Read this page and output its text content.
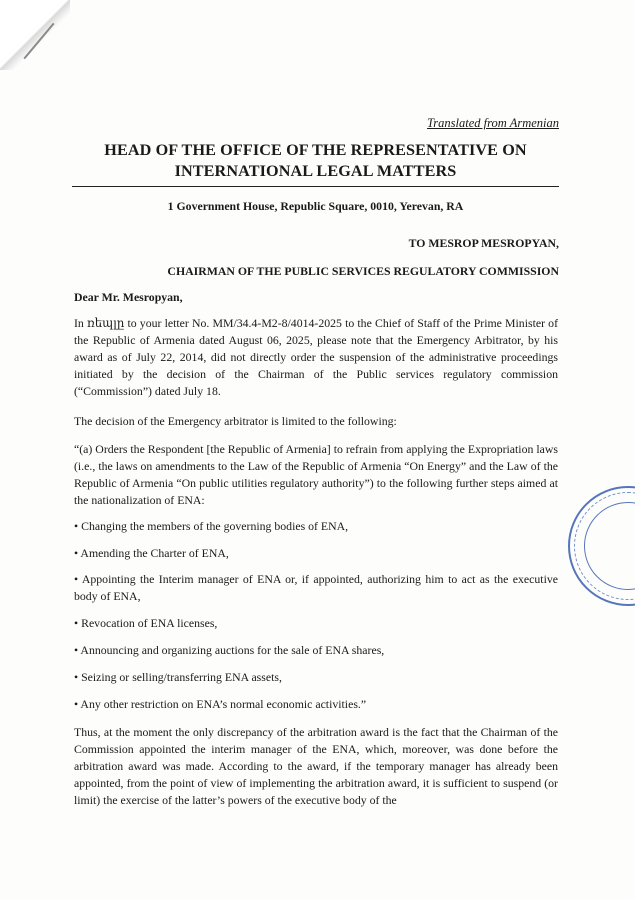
Translated from Armenian
HEAD OF THE OFFICE OF THE REPRESENTATIVE ON
INTERNATIONAL LEGAL MATTERS
1 Government House, Republic Square, 0010, Yerevan, RA
TO MESROP MESROPYAN,
CHAIRMAN OF THE PUBLIC SERVICES REGULATORY COMMISSION
Dear Mr. Mesropyan,
In ռեպլը to your letter No. MM/34.4-M2-8/4014-2025 to the Chief of Staff of the Prime Minister of the Republic of Armenia dated August 06, 2025, please note that the Emergency Arbitrator, by his award as of July 22, 2014, did not directly order the suspension of the administrative proceedings initiated by the decision of the Chairman of the Public services regulatory commission (“Commission”) dated July 18.
The decision of the Emergency arbitrator is limited to the following:
“(a) Orders the Respondent [the Republic of Armenia] to refrain from applying the Expropriation laws (i.e., the laws on amendments to the Law of the Republic of Armenia “On Energy” and the Law of the Republic of Armenia “On public utilities regulatory authority”) to the following further steps aimed at the nationalization of ENA:
• Changing the members of the governing bodies of ENA,
• Amending the Charter of ENA,
• Appointing the Interim manager of ENA or, if appointed, authorizing him to act as the executive body of ENA,
• Revocation of ENA licenses,
• Announcing and organizing auctions for the sale of ENA shares,
• Seizing or selling/transferring ENA assets,
• Any other restriction on ENA’s normal economic activities.”
Thus, at the moment the only discrepancy of the arbitration award is the fact that the Chairman of the Commission appointed the interim manager of the ENA, which, moreover, was done before the arbitration award was made. According to the award, if the temporary manager has already been appointed, from the point of view of implementing the arbitration award, it is sufficient to suspend (or limit) the exercise of the latter’s powers of the executive body of the
